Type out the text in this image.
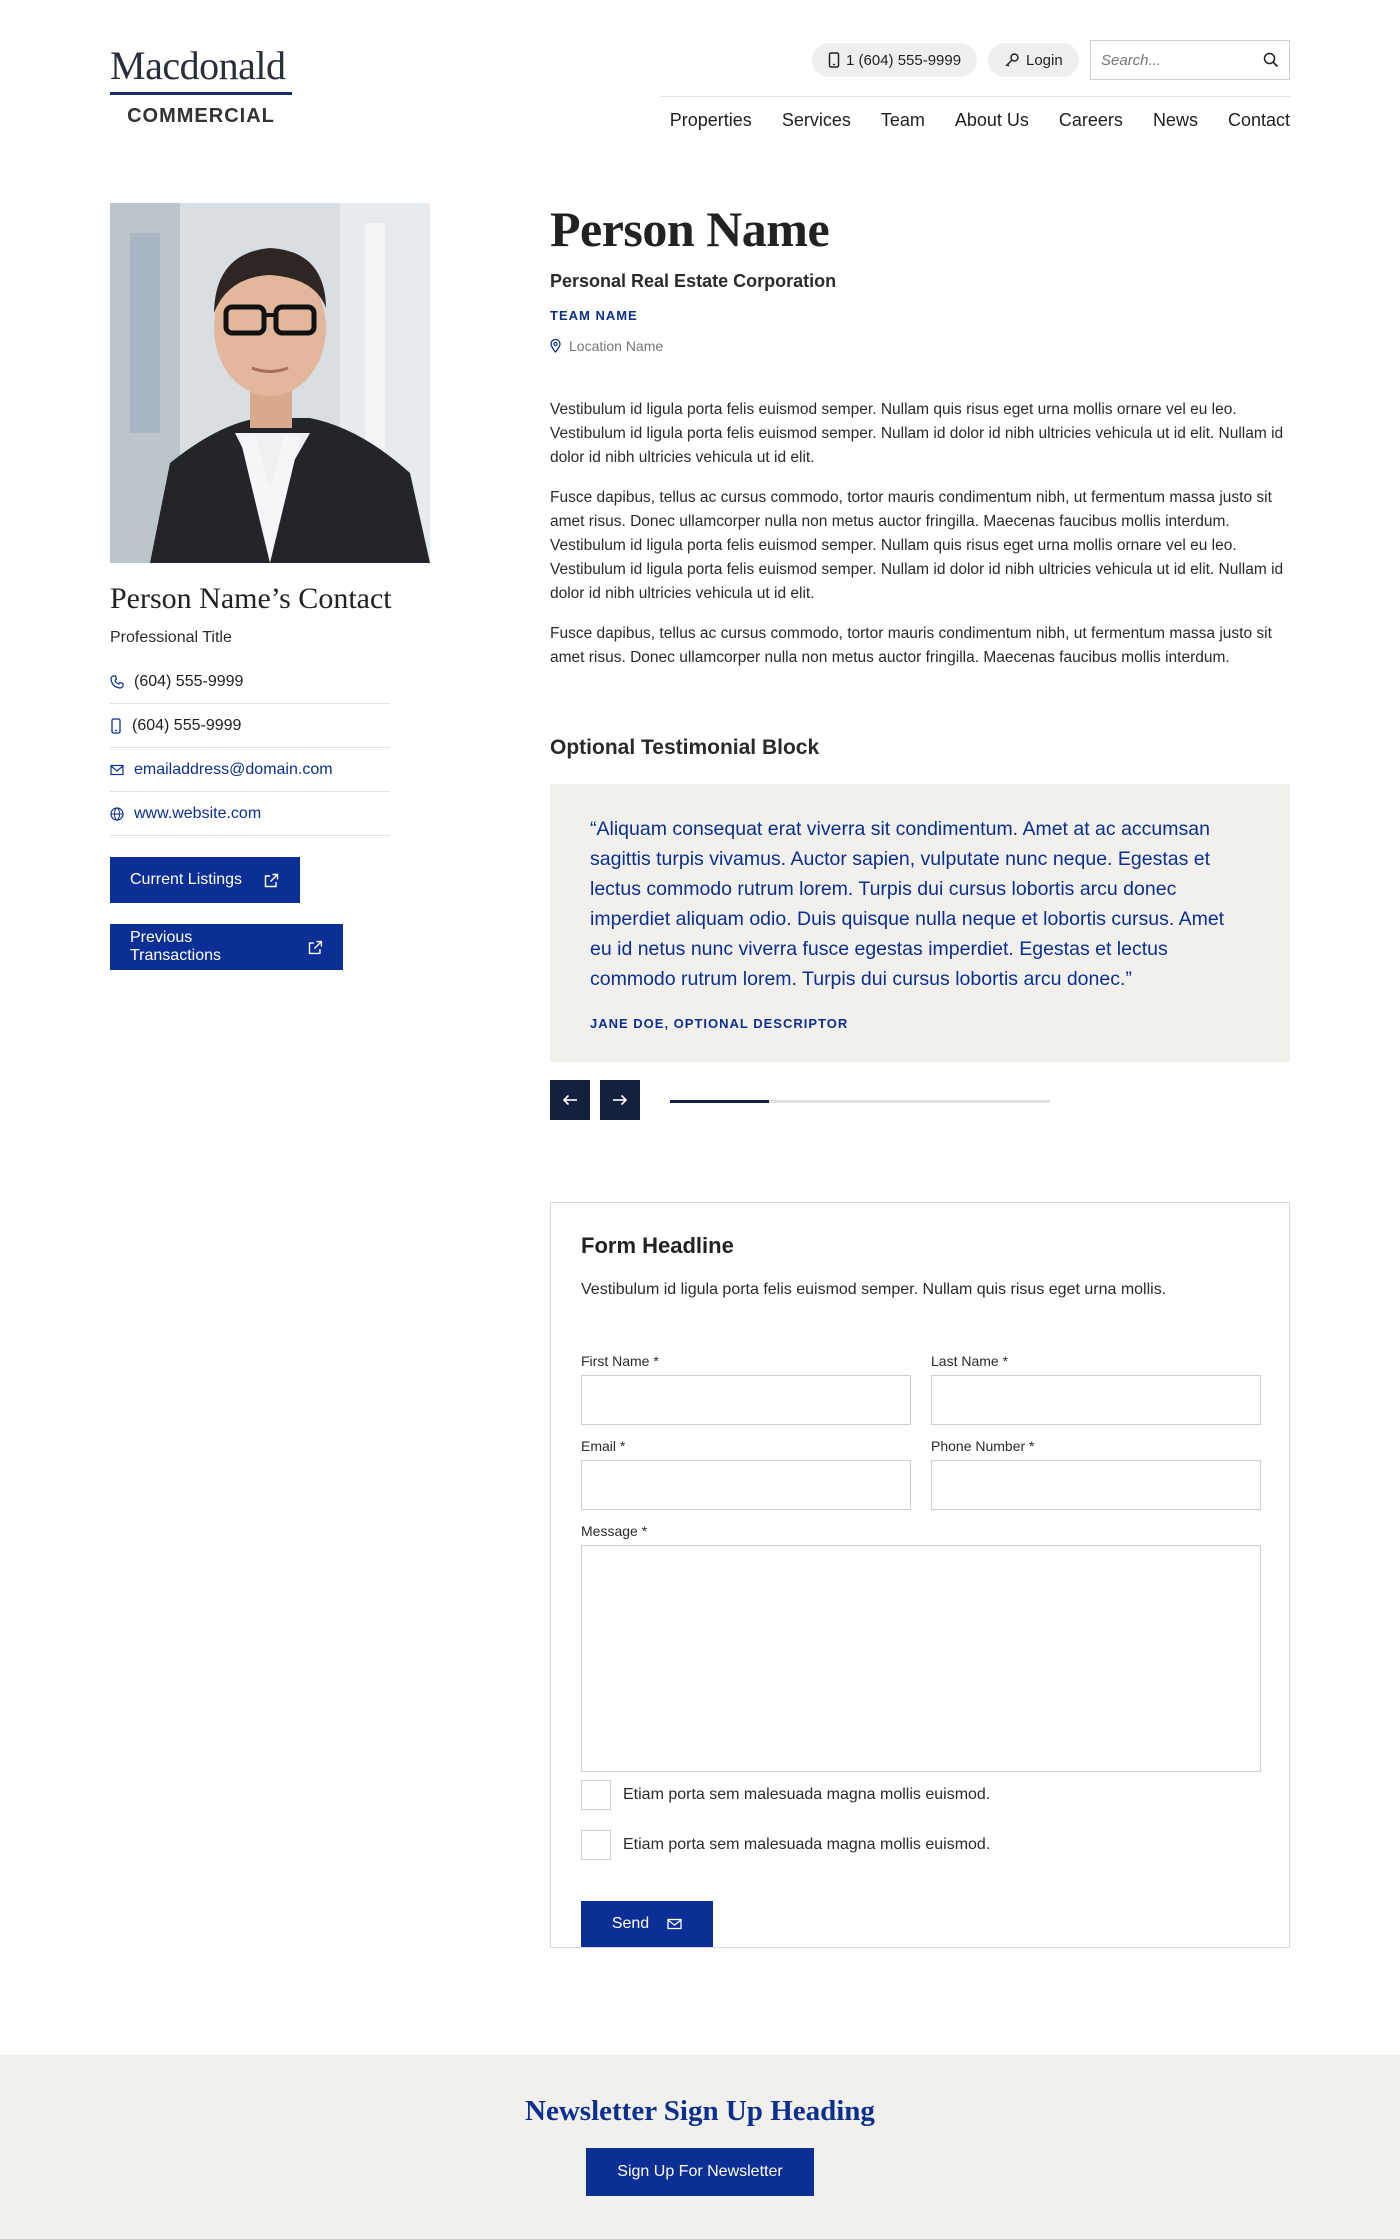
Macdonald
COMMERCIAL
1 (604) 555-9999	Login
Search...
Properties Services Team About Us Careers News Contact
Person Name’s Contact
Professional Title
(604) 555-9999
(604) 555-9999
emailaddress@domain.com
www.website.com
Current Listings
Previous Transactions
Person Name
Personal Real Estate Corporation
TEAM NAME
Location Name

Vestibulum id ligula porta felis euismod semper. Nullam quis risus eget urna mollis ornare vel eu leo. Vestibulum id ligula porta felis euismod semper. Nullam id dolor id nibh ultricies vehicula ut id elit. Nullam id dolor id nibh ultricies vehicula ut id elit.

Fusce dapibus, tellus ac cursus commodo, tortor mauris condimentum nibh, ut fermentum massa justo sit amet risus. Donec ullamcorper nulla non metus auctor fringilla. Maecenas faucibus mollis interdum. Vestibulum id ligula porta felis euismod semper. Nullam quis risus eget urna mollis ornare vel eu leo. Vestibulum id ligula porta felis euismod semper. Nullam id dolor id nibh ultricies vehicula ut id elit. Nullam id dolor id nibh ultricies vehicula ut id elit.

Fusce dapibus, tellus ac cursus commodo, tortor mauris condimentum nibh, ut fermentum massa justo sit amet risus. Donec ullamcorper nulla non metus auctor fringilla. Maecenas faucibus mollis interdum.

Optional Testimonial Block

“Aliquam consequat erat viverra sit condimentum. Amet at ac accumsan sagittis turpis vivamus. Auctor sapien, vulputate nunc neque. Egestas et lectus commodo rutrum lorem. Turpis dui cursus lobortis arcu donec imperdiet aliquam odio. Duis quisque nulla neque et lobortis cursus. Amet eu id netus nunc viverra fusce egestas imperdiet. Egestas et lectus commodo rutrum lorem. Turpis dui cursus lobortis arcu donec.”

JANE DOE, OPTIONAL DESCRIPTOR
Form Headline

Vestibulum id ligula porta felis euismod semper. Nullam quis risus eget urna mollis.

First Name *	Last Name *
Email *	Phone Number *
Message *
Etiam porta sem malesuada magna mollis euismod.
Etiam porta sem malesuada magna mollis euismod.
Send
Newsletter Sign Up Heading
Sign Up For Newsletter
